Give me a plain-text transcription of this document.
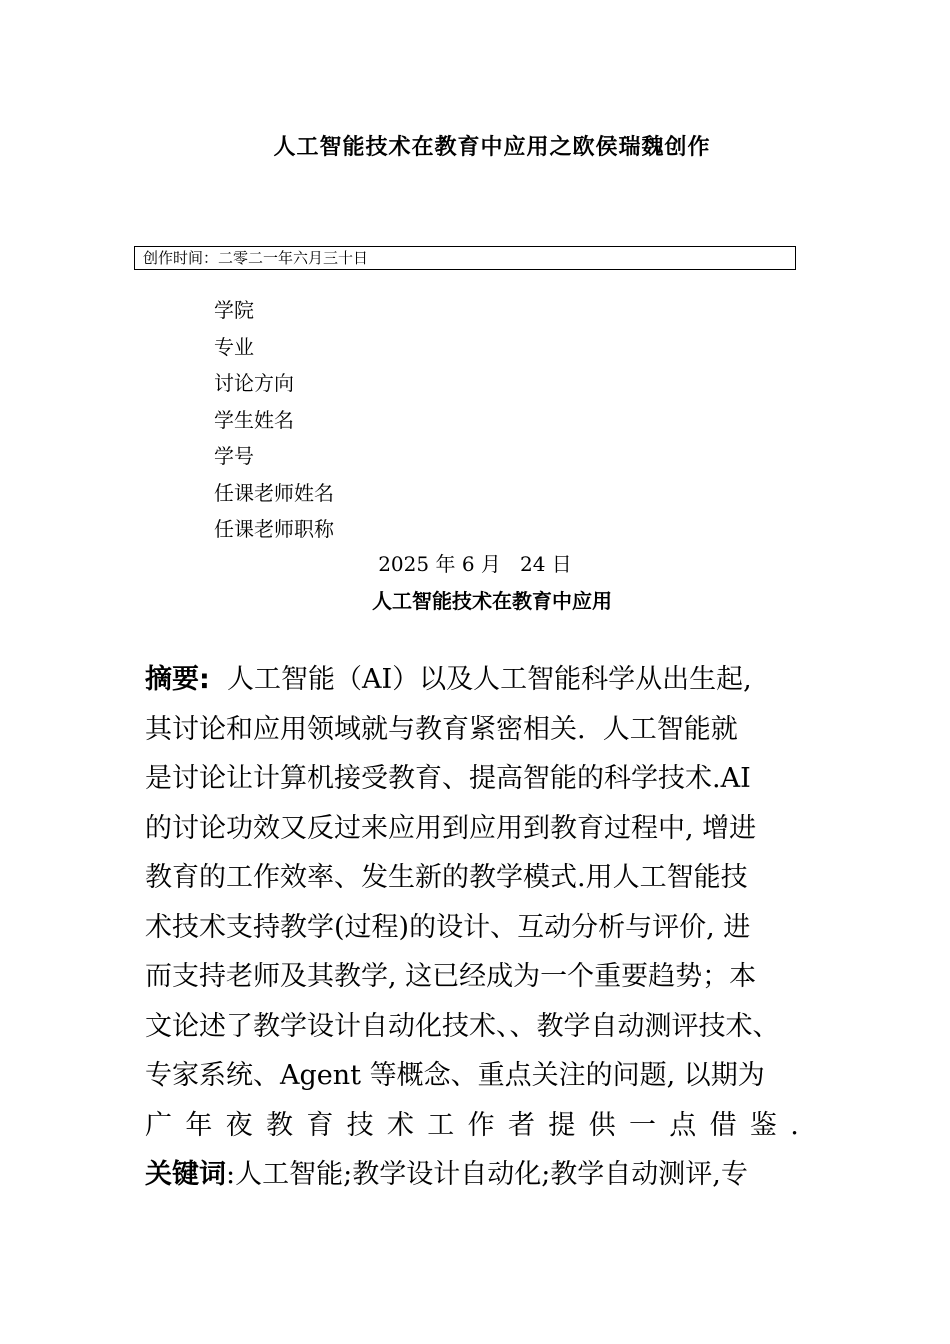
人工智能技术在教育中应用之欧侯瑞魏创作
创作时间：二零二一年六月三十日
学院
专业
讨论方向
学生姓名
学号
任课老师姓名
任课老师职称
2025 年 6 月   24 日
人工智能技术在教育中应用
摘要:  人工智能（AI）以及人工智能科学从出生起,
其讨论和应用领域就与教育紧密相关.  人工智能就
是讨论让计算机接受教育、提高智能的科学技术.AI
的讨论功效又反过来应用到应用到教育过程中, 增进
教育的工作效率、发生新的教学模式.用人工智能技
术技术支持教学(过程)的设计、互动分析与评价, 进
而支持老师及其教学, 这已经成为一个重要趋势；本
文论述了教学设计自动化技术、、教学自动测评技术、
专家系统、Agent 等概念、重点关注的问题, 以期为
广 年 夜 教 育 技 术 工 作 者 提 供 一 点 借 鉴 .
关键词:人工智能;教学设计自动化;教学自动测评,专
